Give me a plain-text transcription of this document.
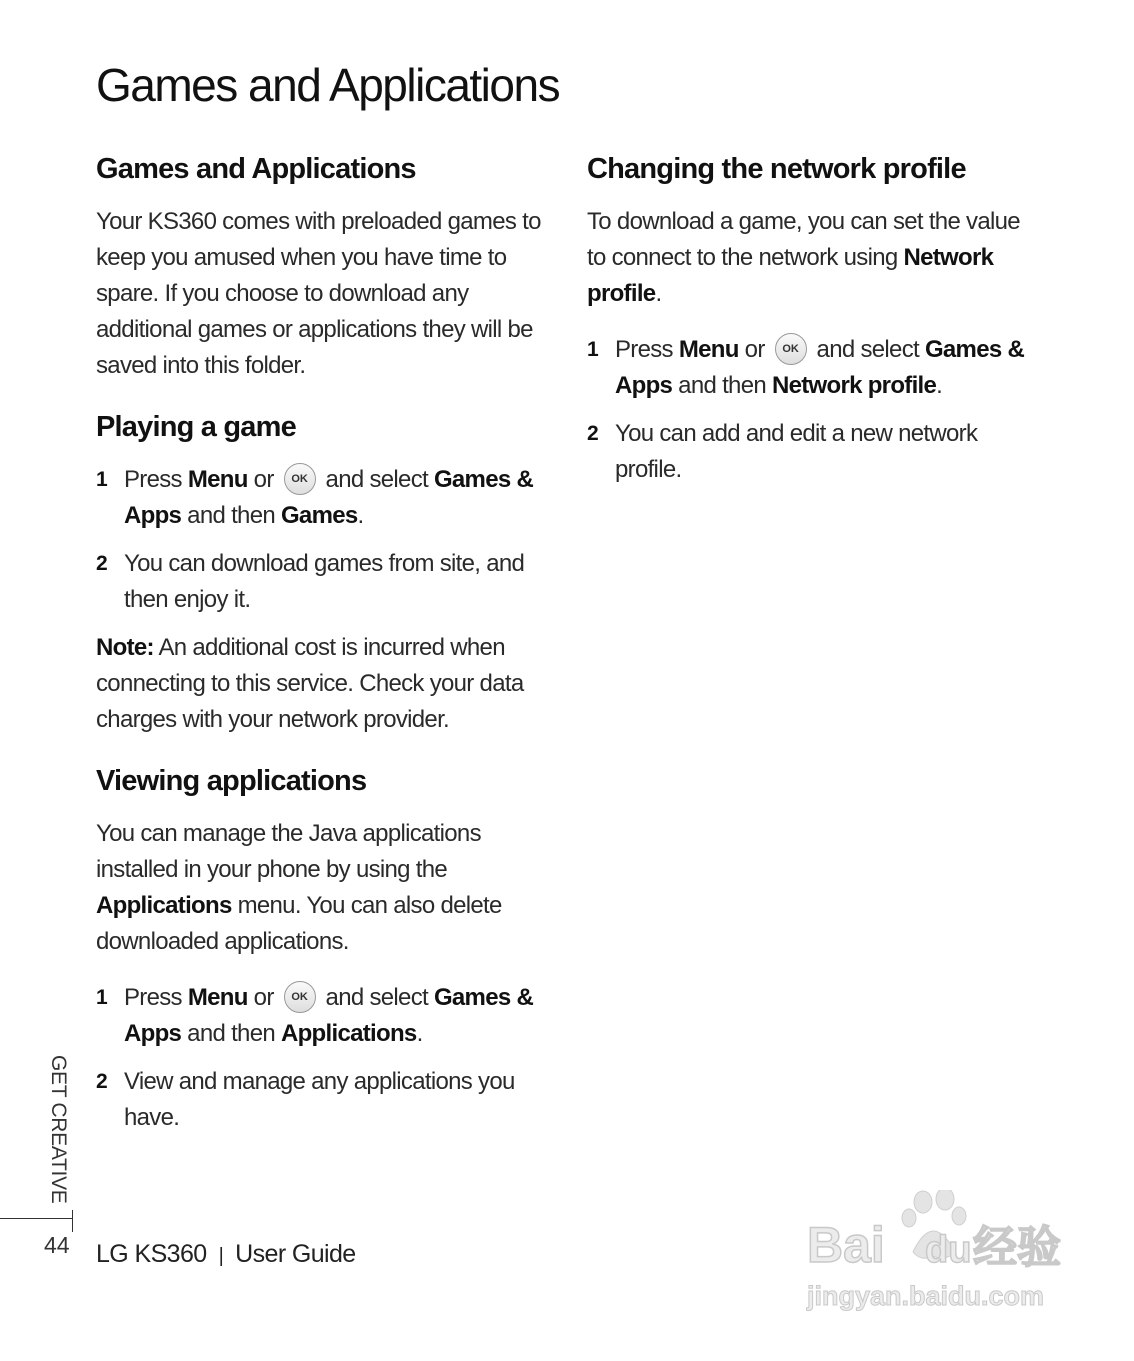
Games and Applications
Games and Applications

Your KS360 comes with preloaded games to keep you amused when you have time to spare. If you choose to download any additional games or applications they will be saved into this folder.

Playing a game
1 Press Menu or OK and select Games & Apps and then Games.
2 You can download games from site, and then enjoy it.

Note: An additional cost is incurred when connecting to this service. Check your data charges with your network provider.

Viewing applications

You can manage the Java applications installed in your phone by using the Applications menu. You can also delete downloaded applications.

1 Press Menu or OK and select Games & Apps and then Applications.
2 View and manage any applications you have.
Changing the network profile

To download a game, you can set the value to connect to the network using Network profile.

1 Press Menu or OK and select Games & Apps and then Network profile.
2 You can add and edit a new network profile.
GET CREATIVE
44 LG KS360 | User Guide	Bai du 经验
jingyan.baidu.com
